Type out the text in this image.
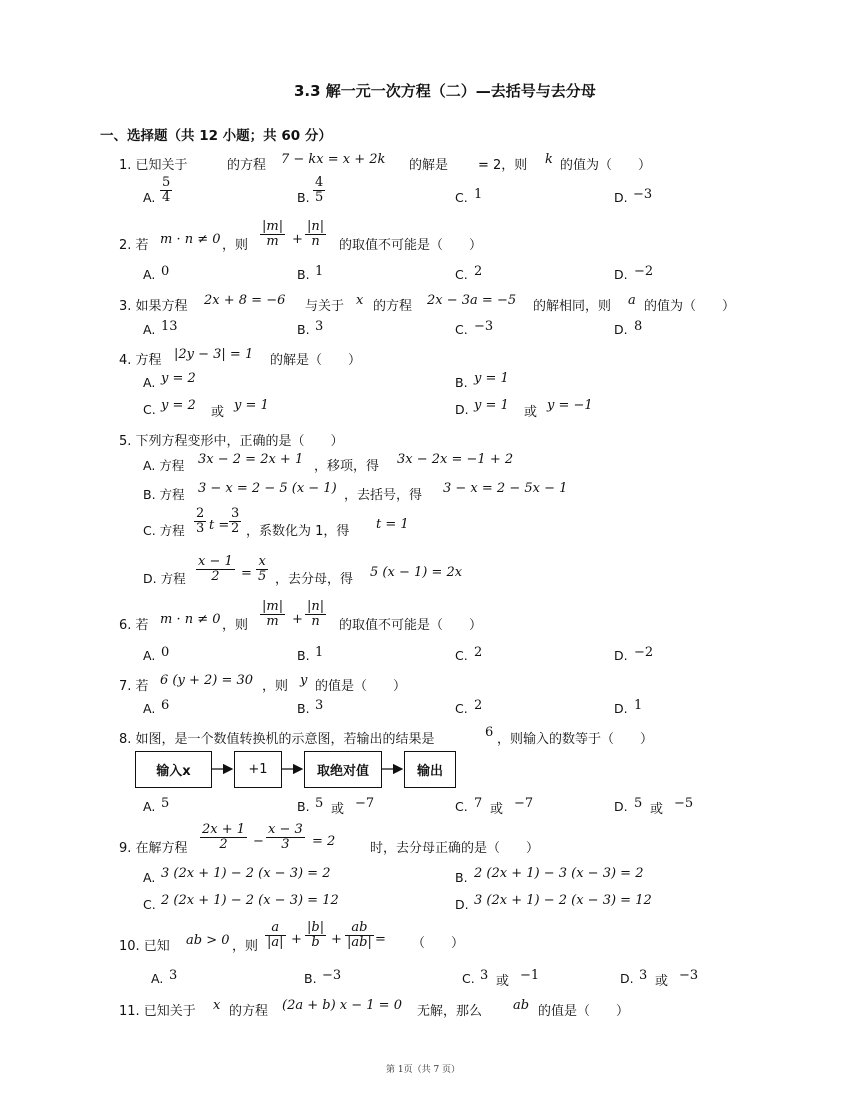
3.3 解一元一次方程（二）—去括号与去分母
一、选择题（共 12 小题；共 60 分）
1. 已知关于	的方程 7 − kx = x + 2k 的解是 = 2，则 k 的值为（　　）
A. $\frac{5}{4}$	B. $\frac{4}{5}$	C. 1	D. −3
2. 若 m · n ≠ 0 ，则 $\frac{|m|}{m} + \frac{|n|}{n}$ 的取值不可能是（　　）
A. 0	B. 1	C. 2	D. −2
3. 如果方程 2x + 8 = −6 与关于 x 的方程 2x − 3a = −5 的解相同，则 a 的值为（　　）
A. 13	B. 3	C. −3	D. 8
4. 方程 |2y − 3| = 1 的解是（　　）
A. y = 2	B. y = 1
C. y = 2 或 y = 1	D. y = 1 或 y = −1
5. 下列方程变形中，正确的是（　　）
A. 方程 3x − 2 = 2x + 1 ，移项，得 3x − 2x = −1 + 2
B. 方程 3 − x = 2 − 5 (x − 1) ，去括号，得 3 − x = 2 − 5x − 1
C. 方程 $\frac{2}{3}$ $t = \frac{3}{2}$ ，系数化为 1，得 t = 1
D. 方程 $\frac{x - 1}{2} = \frac{x}{5}$ ，去分母，得 5 (x − 1) = 2x
6. 若 m · n ≠ 0 ，则 $\frac{|m|}{m} + \frac{|n|}{n}$ 的取值不可能是（　　）
A. 0	B. 1	C. 2	D. −2
7. 若 6 (y + 2) = 30 ，则 y 的值是（　　）
A. 6	B. 3	C. 2	D. 1
8. 如图，是一个数值转换机的示意图，若输出的结果是	6 ，则输入的数等于（　　）
输入x	+1	取绝对值	输出
A. 5	B. 5 或 −7	C. 7 或 −7	D. 5 或 −5
9. 在解方程 $\frac{2x + 1}{2} - \frac{x - 3}{3} = 2$	时，去分母正确的是（　　）
A. 3 (2x + 1) − 2 (x − 3) = 2	B. 2 (2x + 1) − 3 (x − 3) = 2
C. 2 (2x + 1) − 2 (x − 3) = 12	D. 3 (2x + 1) − 2 (x − 3) = 12
10. 已知 ab > 0 ，则 $\frac{a}{|a|} + \frac{|b|}{b} + \frac{ab}{|ab|}$ = （　　）
A. 3	B. −3	C. 3 或 −1	D. 3 或 −3
11. 已知关于 x 的方程 (2a + b) x − 1 = 0 无解，那么 ab 的值是（　　）
第 1页（共 7 页）
